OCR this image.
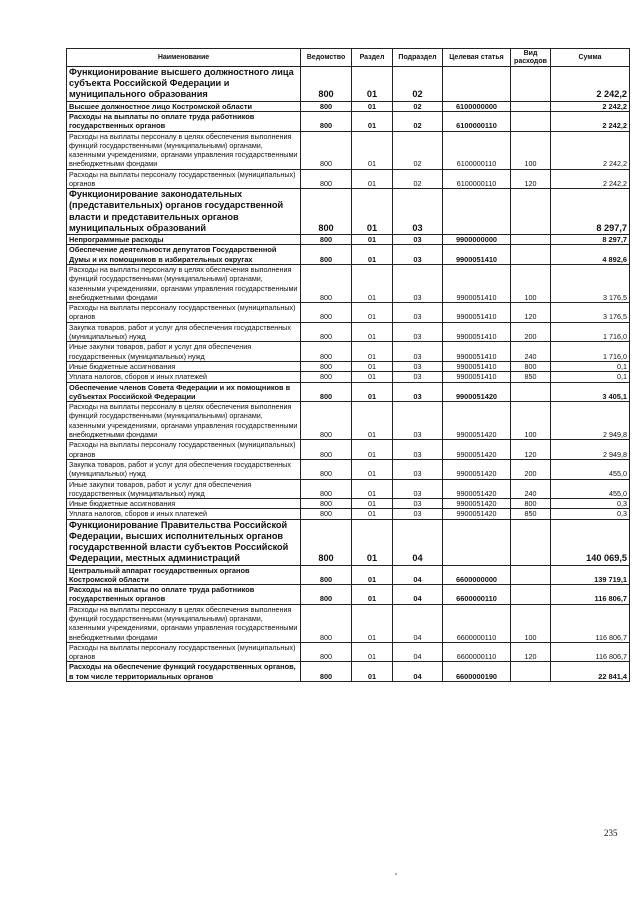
Наименование	Ведомство	Раздел	Подраздел	Целевая статья	Вид расходов	Сумма
Функционирование высшего должностного лица субъекта Российской Федерации и муниципального образования	800	01	02			2 242,2
Высшее должностное лицо Костромской области	800	01	02	6100000000		2 242,2
Расходы на выплаты по оплате труда работников государственных органов	800	01	02	6100000110		2 242,2
Расходы на выплаты персоналу в целях обеспечения выполнения функций государственными (муниципальными) органами, казенными учреждениями, органами управления государственными внебюджетными фондами	800	01	02	6100000110	100	2 242,2
Расходы на выплаты персоналу государственных (муниципальных) органов	800	01	02	6100000110	120	2 242,2
Функционирование законодательных (представительных) органов государственной власти и представительных органов муниципальных образований	800	01	03			8 297,7
Непрограммные расходы	800	01	03	9900000000		8 297,7
Обеспечение деятельности депутатов Государственной Думы и их помощников в избирательных округах	800	01	03	9900051410		4 892,6
Расходы на выплаты персоналу в целях обеспечения выполнения функций государственными (муниципальными) органами, казенными учреждениями, органами управления государственными внебюджетными фондами	800	01	03	9900051410	100	3 176,5
Расходы на выплаты персоналу государственных (муниципальных) органов	800	01	03	9900051410	120	3 176,5
Закупка товаров, работ и услуг для обеспечения государственных (муниципальных) нужд	800	01	03	9900051410	200	1 716,0
Иные закупки товаров, работ и услуг для обеспечения государственных (муниципальных) нужд	800	01	03	9900051410	240	1 716,0
Иные бюджетные ассигнования	800	01	03	9900051410	800	0,1
Уплата налогов, сборов и иных платежей	800	01	03	9900051410	850	0,1
Обеспечение членов Совета Федерации и их помощников в субъектах Российской Федерации	800	01	03	9900051420		3 405,1
Расходы на выплаты персоналу в целях обеспечения выполнения функций государственными (муниципальными) органами, казенными учреждениями, органами управления государственными внебюджетными фондами	800	01	03	9900051420	100	2 949,8
Расходы на выплаты персоналу государственных (муниципальных) органов	800	01	03	9900051420	120	2 949,8
Закупка товаров, работ и услуг для обеспечения государственных (муниципальных) нужд	800	01	03	9900051420	200	455,0
Иные закупки товаров, работ и услуг для обеспечения государственных (муниципальных) нужд	800	01	03	9900051420	240	455,0
Иные бюджетные ассигнования	800	01	03	9900051420	800	0,3
Уплата налогов, сборов и иных платежей	800	01	03	9900051420	850	0,3
Функционирование Правительства Российской Федерации, высших исполнительных органов государственной власти субъектов Российской Федерации, местных администраций	800	01	04			140 069,5
Центральный аппарат государственных органов Костромской области	800	01	04	6600000000		139 719,1
Расходы на выплаты по оплате труда работников государственных органов	800	01	04	6600000110		116 806,7
Расходы на выплаты персоналу в целях обеспечения выполнения функций государственными (муниципальными) органами, казенными учреждениями, органами управления государственными внебюджетными фондами	800	01	04	6600000110	100	116 806,7
Расходы на выплаты персоналу государственных (муниципальных) органов	800	01	04	6600000110	120	116 806,7
Расходы на обеспечение функций государственных органов, в том числе территориальных органов	800	01	04	6600000190		22 841,4
235
